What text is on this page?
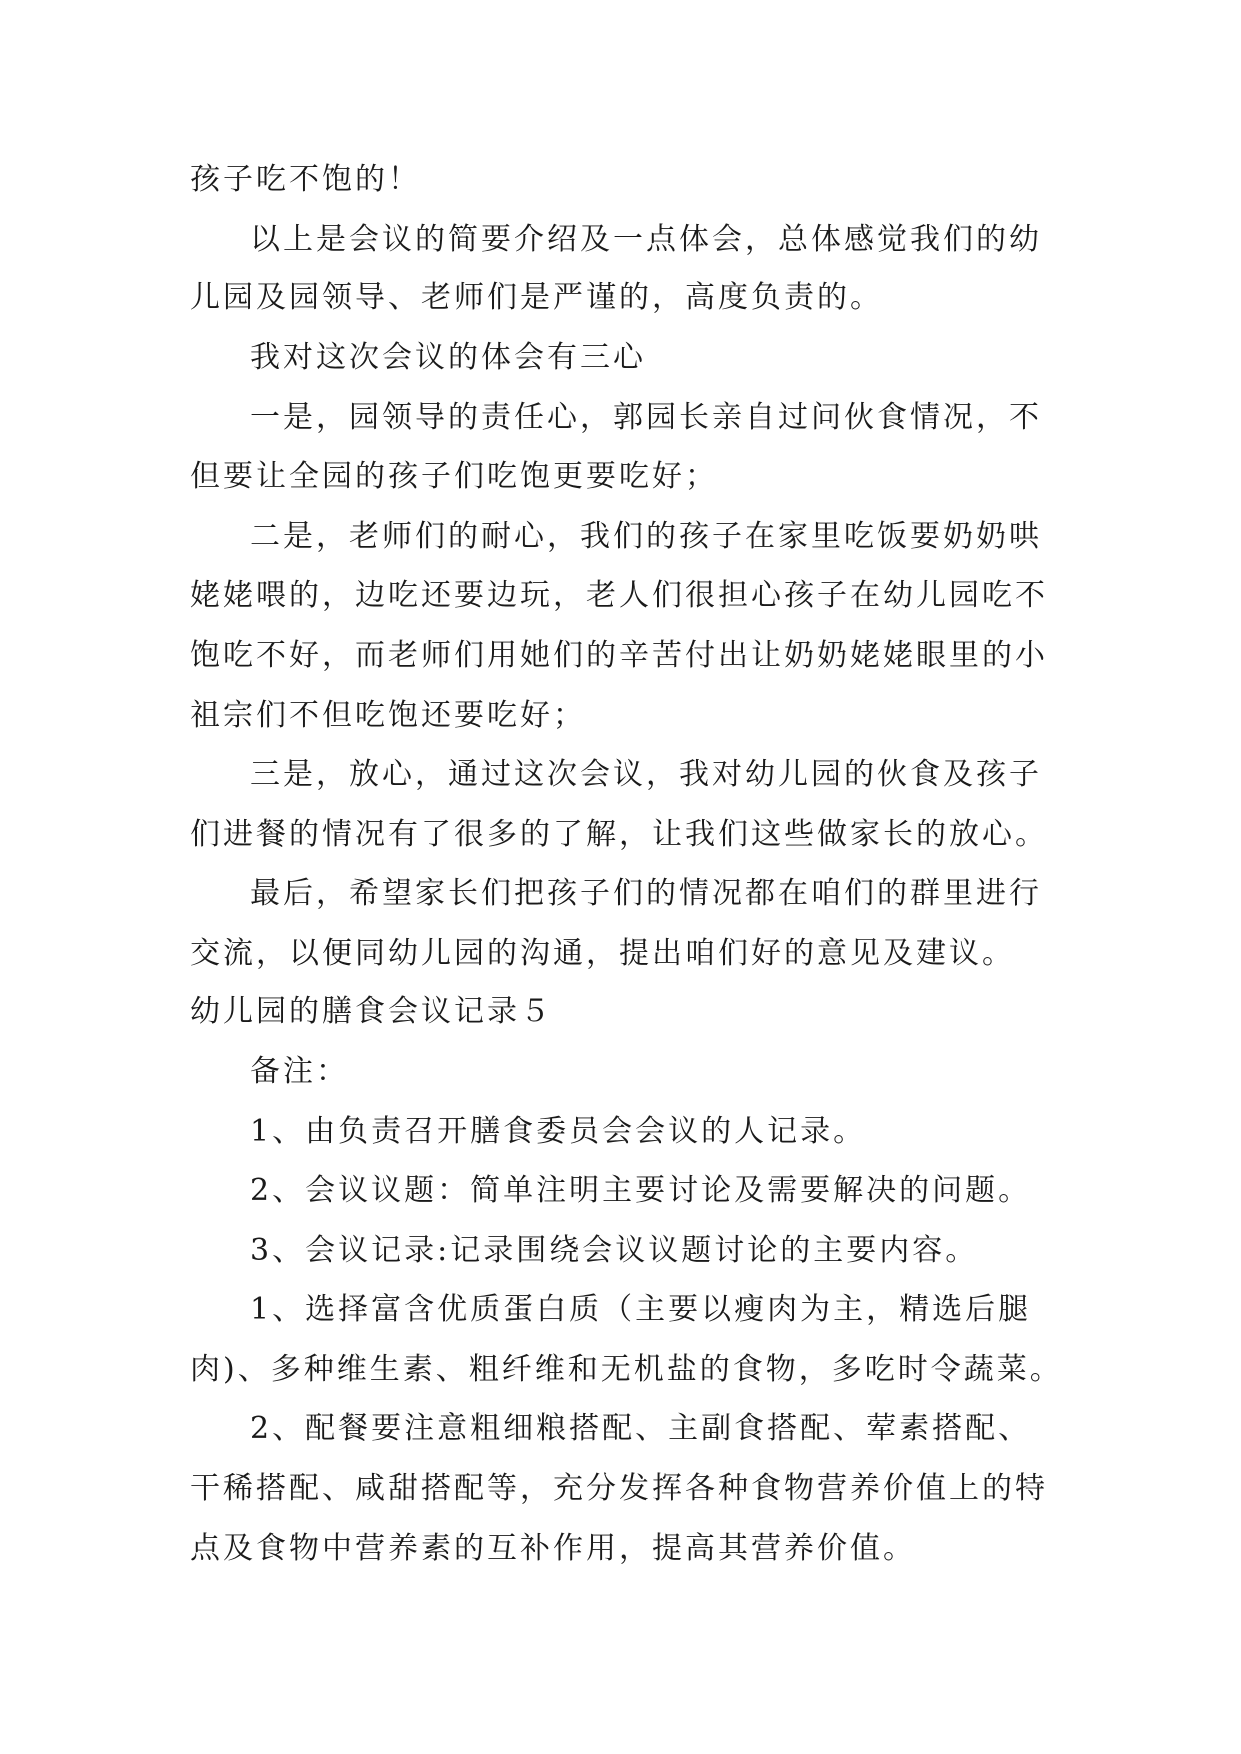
孩子吃不饱的！
以上是会议的简要介绍及一点体会，总体感觉我们的幼
儿园及园领导、老师们是严谨的，高度负责的。
我对这次会议的体会有三心
一是，园领导的责任心，郭园长亲自过问伙食情况，不
但要让全园的孩子们吃饱更要吃好；
二是，老师们的耐心，我们的孩子在家里吃饭要奶奶哄
姥姥喂的，边吃还要边玩，老人们很担心孩子在幼儿园吃不
饱吃不好，而老师们用她们的辛苦付出让奶奶姥姥眼里的小
祖宗们不但吃饱还要吃好；
三是，放心，通过这次会议，我对幼儿园的伙食及孩子
们进餐的情况有了很多的了解，让我们这些做家长的放心。
最后，希望家长们把孩子们的情况都在咱们的群里进行
交流，以便同幼儿园的沟通，提出咱们好的意见及建议。
幼儿园的膳食会议记录５
备注：
1、由负责召开膳食委员会会议的人记录。
2、会议议题：简单注明主要讨论及需要解决的问题。
3、会议记录:记录围绕会议议题讨论的主要内容。
1、选择富含优质蛋白质（主要以瘦肉为主，精选后腿
肉)、多种维生素、粗纤维和无机盐的食物，多吃时令蔬菜。
2、配餐要注意粗细粮搭配、主副食搭配、荤素搭配、
干稀搭配、咸甜搭配等，充分发挥各种食物营养价值上的特
点及食物中营养素的互补作用，提高其营养价值。
